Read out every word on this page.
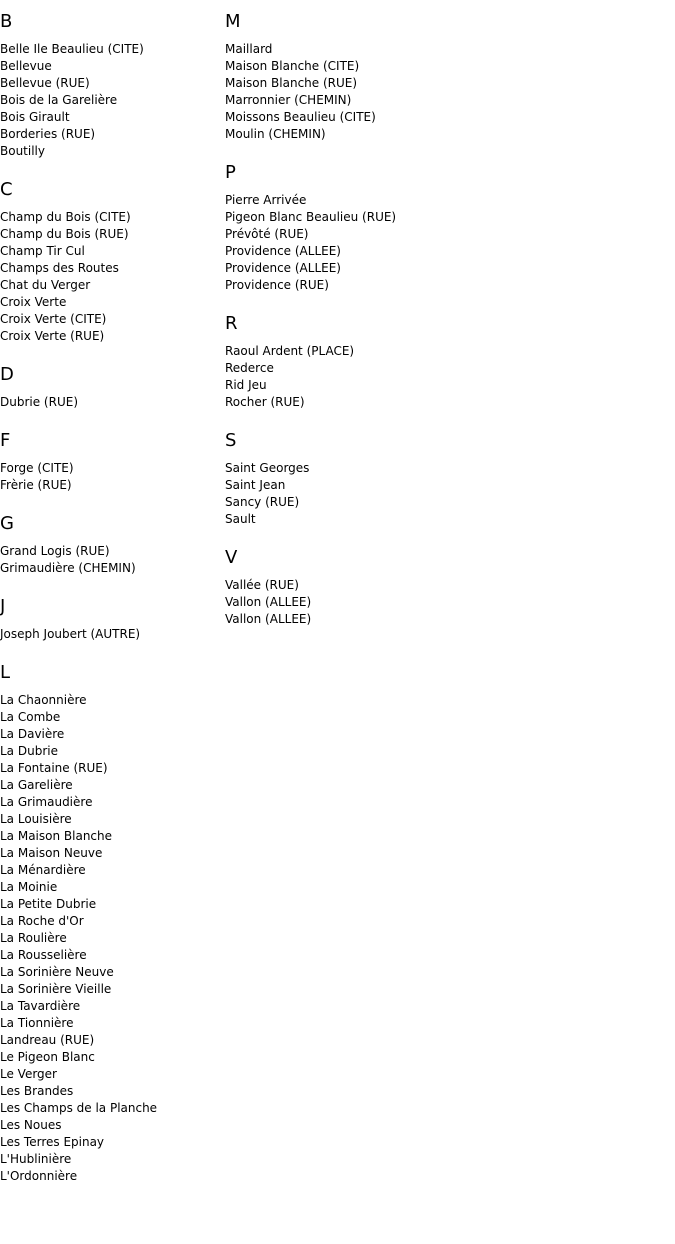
B
Belle Ile Beaulieu (CITE)
Bellevue
Bellevue (RUE)
Bois de la Garelière
Bois Girault
Borderies (RUE)
Boutilly
C
Champ du Bois (CITE)
Champ du Bois (RUE)
Champ Tir Cul
Champs des Routes
Chat du Verger
Croix Verte
Croix Verte (CITE)
Croix Verte (RUE)
D
Dubrie (RUE)
F
Forge (CITE)
Frèrie (RUE)
G
Grand Logis (RUE)
Grimaudière (CHEMIN)
J
Joseph Joubert (AUTRE)
L
La Chaonnière
La Combe
La Davière
La Dubrie
La Fontaine (RUE)
La Garelière
La Grimaudière
La Louisière
La Maison Blanche
La Maison Neuve
La Ménardière
La Moinie
La Petite Dubrie
La Roche d'Or
La Roulière
La Rousselière
La Sorinière Neuve
La Sorinière Vieille
La Tavardière
La Tionnière
Landreau (RUE)
Le Pigeon Blanc
Le Verger
Les Brandes
Les Champs de la Planche
Les Noues
Les Terres Epinay
L'Hublinière
L'Ordonnière
M
Maillard
Maison Blanche (CITE)
Maison Blanche (RUE)
Marronnier (CHEMIN)
Moissons Beaulieu (CITE)
Moulin (CHEMIN)
P
Pierre Arrivée
Pigeon Blanc Beaulieu (RUE)
Prévôté (RUE)
Providence (ALLEE)
Providence (ALLEE)
Providence (RUE)
R
Raoul Ardent (PLACE)
Rederce
Rid Jeu
Rocher (RUE)
S
Saint Georges
Saint Jean
Sancy (RUE)
Sault
V
Vallée (RUE)
Vallon (ALLEE)
Vallon (ALLEE)
